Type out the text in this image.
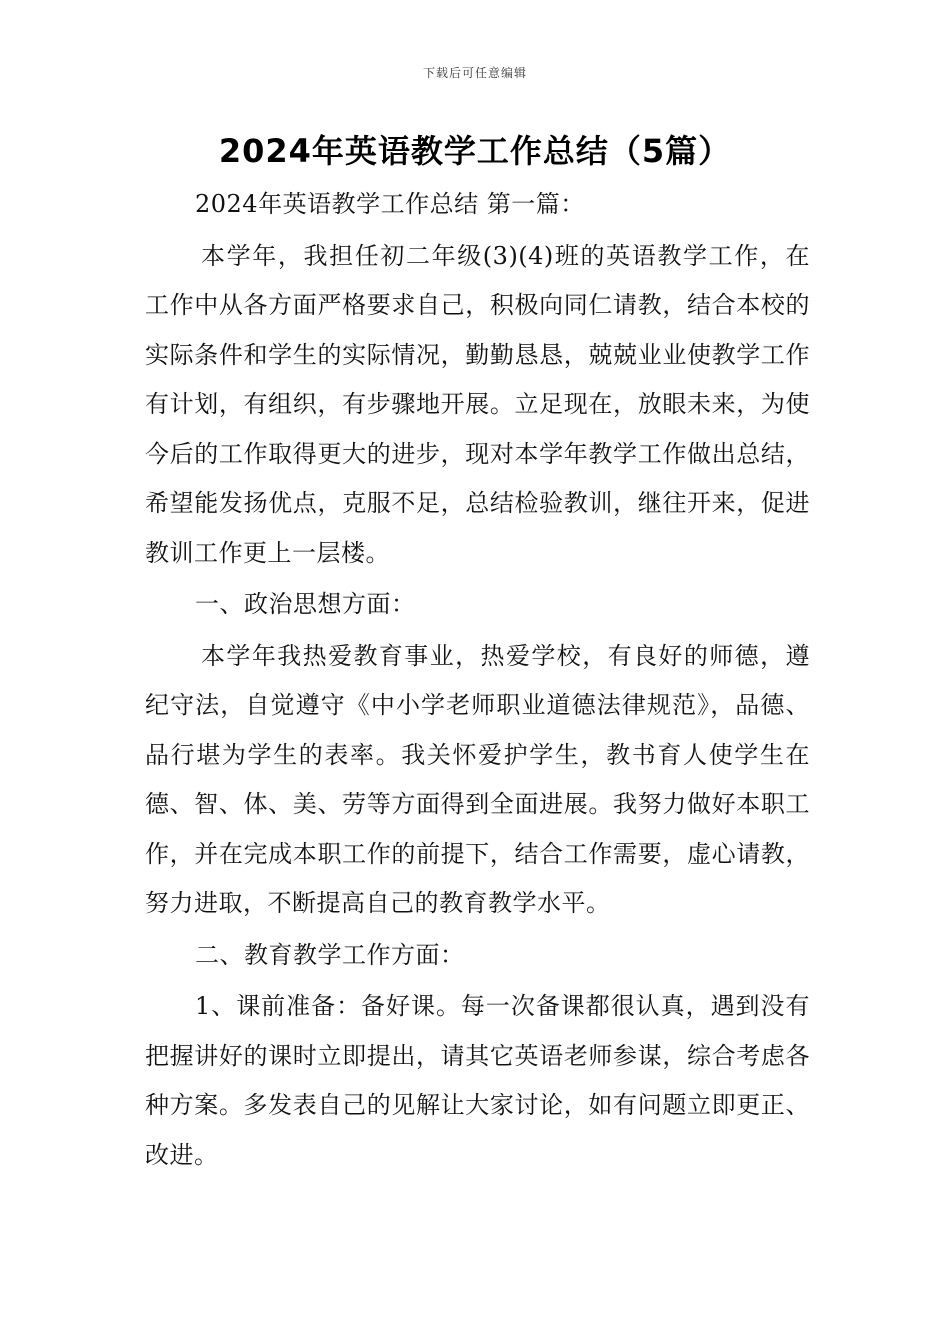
下载后可任意编辑
2024年英语教学工作总结（5篇）

2024年英语教学工作总结 第一篇：

本学年，我担任初二年级(3)(4)班的英语教学工作，在工作中从各方面严格要求自己，积极向同仁请教，结合本校的实际条件和学生的实际情况，勤勤恳恳，兢兢业业使教学工作有计划，有组织，有步骤地开展。立足现在，放眼未来，为使今后的工作取得更大的进步，现对本学年教学工作做出总结，希望能发扬优点，克服不足，总结检验教训，继往开来，促进教训工作更上一层楼。

一、政治思想方面：

本学年我热爱教育事业，热爱学校，有良好的师德，遵纪守法，自觉遵守《中小学老师职业道德法律规范》，品德、品行堪为学生的表率。我关怀爱护学生，教书育人使学生在德、智、体、美、劳等方面得到全面进展。我努力做好本职工作，并在完成本职工作的前提下，结合工作需要，虚心请教，努力进取，不断提高自己的教育教学水平。

二、教育教学工作方面：

1、课前准备：备好课。每一次备课都很认真，遇到没有把握讲好的课时立即提出，请其它英语老师参谋，综合考虑各种方案。多发表自己的见解让大家讨论，如有问题立即更正、改进。
